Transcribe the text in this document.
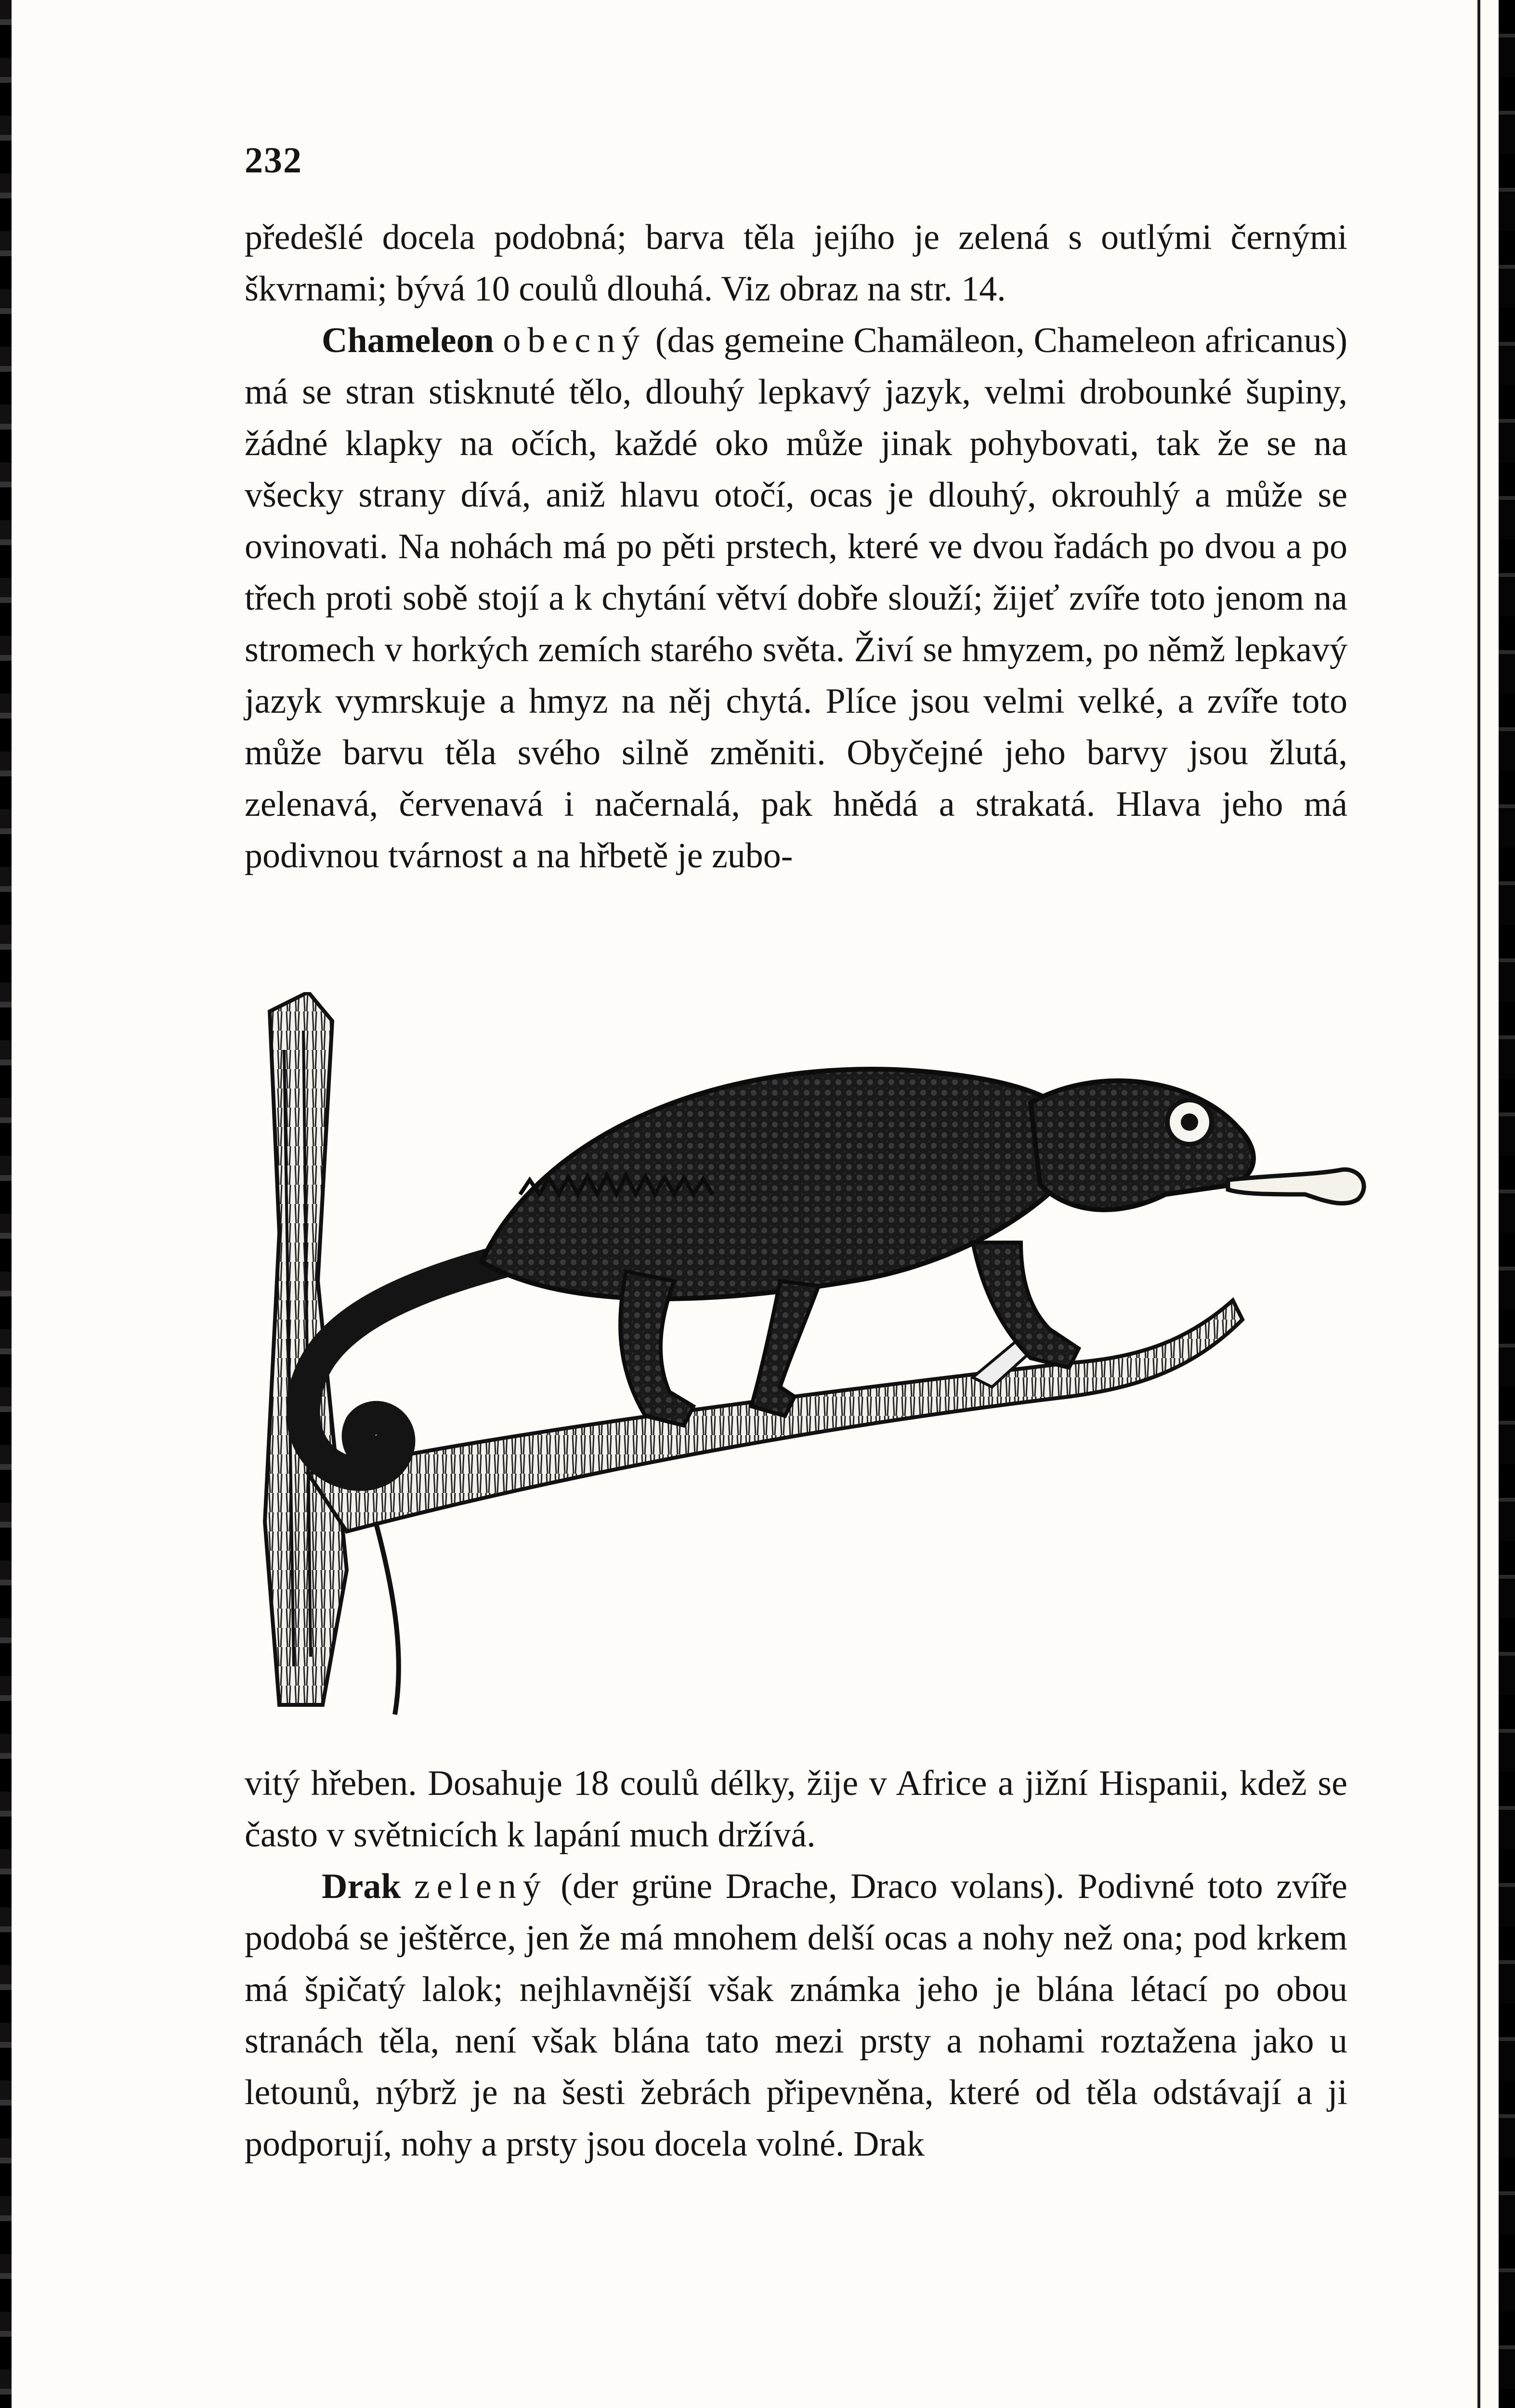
232

předešlé docela podobná; barva těla jejího je zelená s outlými černými škvrnami; bývá 10 coulů dlouhá. Viz obraz na str. 14.

Chameleon obecný (das gemeine Chamäleon, Chameleon africanus) má se stran stisknuté tělo, dlouhý lepkavý jazyk, velmi drobounké šupiny, žádné klapky na očích, každé oko může jinak pohybovati, tak že se na všecky strany dívá, aniž hlavu otočí, ocas je dlouhý, okrouhlý a může se ovinovati. Na nohách má po pěti prstech, které ve dvou řadách po dvou a po třech proti sobě stojí a k chytání větví dobře slouží; žijeť zvíře toto jenom na stromech v horkých zemích starého světa. Živí se hmyzem, po němž lepkavý jazyk vymrskuje a hmyz na něj chytá. Plíce jsou velmi velké, a zvíře toto může barvu těla svého silně změniti. Obyčejné jeho barvy jsou žlutá, zelenavá, červenavá i načernalá, pak hnědá a strakatá. Hlava jeho má podivnou tvárnost a na hřbetě je zubo-

vitý hřeben. Dosahuje 18 coulů délky, žije v Africe a jižní Hispanii, kdež se často v světnicích k lapání much držívá.

Drak zelený (der grüne Drache, Draco volans). Podivné toto zvíře podobá se ještěrce, jen že má mnohem delší ocas a nohy než ona; pod krkem má špičatý lalok; nejhlavnější však známka jeho je blána létací po obou stranách těla, není však blána tato mezi prsty a nohami roztažena jako u letounů, nýbrž je na šesti žebrách připevněna, které od těla odstávají a ji podporují, nohy a prsty jsou docela volné. Drak
